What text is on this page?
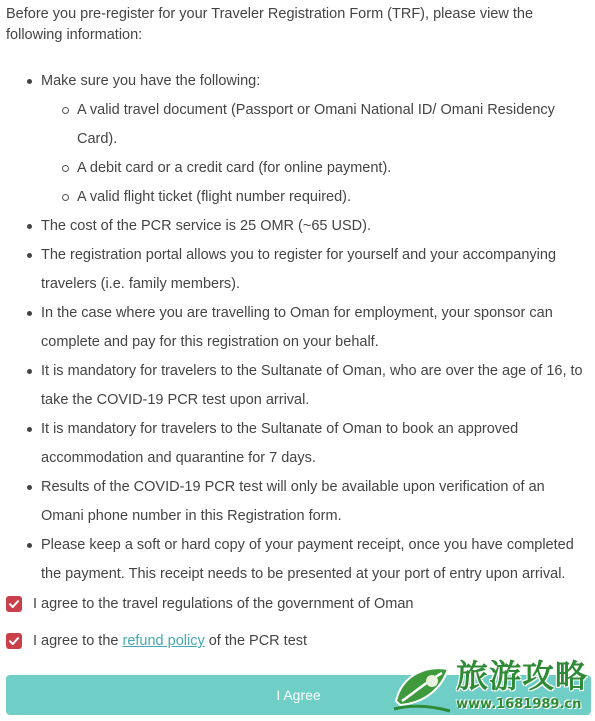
Before you pre-register for your Traveler Registration Form (TRF), please view the following information:

Make sure you have the following:
A valid travel document (Passport or Omani National ID/ Omani Residency Card).
A debit card or a credit card (for online payment).
A valid flight ticket (flight number required).
The cost of the PCR service is 25 OMR (~65 USD).
The registration portal allows you to register for yourself and your accompanying travelers (i.e. family members).
In the case where you are travelling to Oman for employment, your sponsor can complete and pay for this registration on your behalf.
It is mandatory for travelers to the Sultanate of Oman, who are over the age of 16, to take the COVID-19 PCR test upon arrival.
It is mandatory for travelers to the Sultanate of Oman to book an approved accommodation and quarantine for 7 days.
Results of the COVID-19 PCR test will only be available upon verification of an Omani phone number in this Registration form.
Please keep a soft or hard copy of your payment receipt, once you have completed the payment. This receipt needs to be presented at your port of entry upon arrival.
I agree to the travel regulations of the government of Oman
I agree to the refund policy of the PCR test
I Agree	旅游攻略
www.1681989.cn
